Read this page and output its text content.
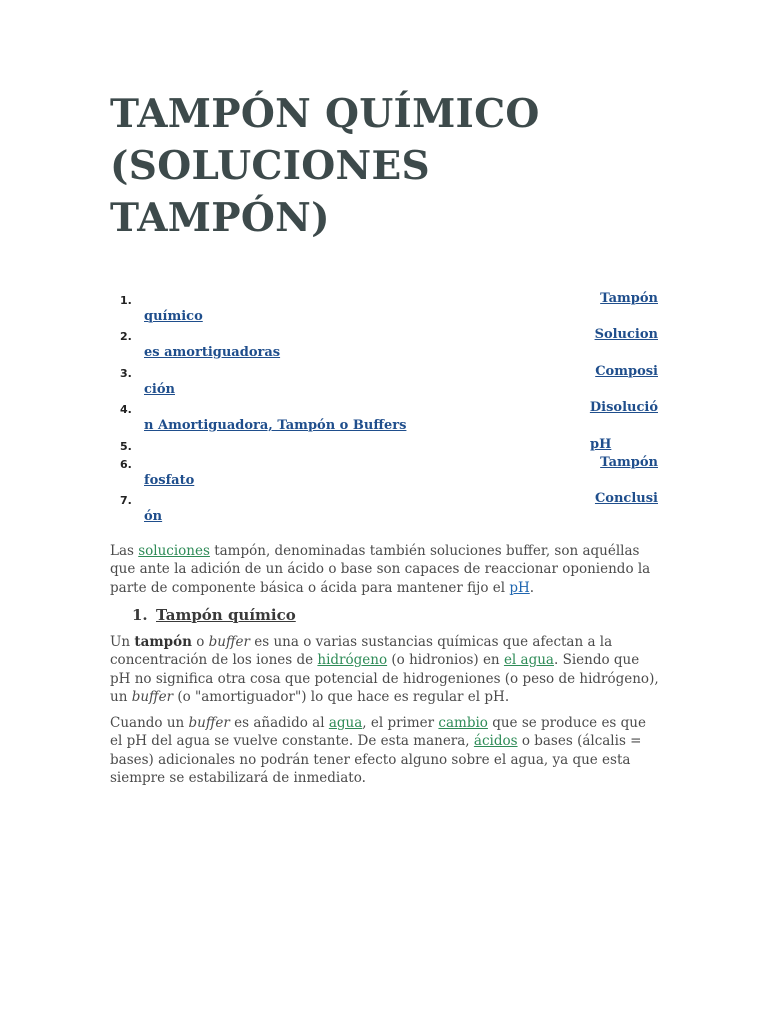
TAMPÓN QUÍMICO
(SOLUCIONES
TAMPÓN)
1.	Tampón
químico
2.	Solucion
es amortiguadoras
3.	Composi
ción
4.	Disolució
n Amortiguadora, Tampón o Buffers
5.	pH
6.	Tampón
fosfato
7.	Conclusi
ón

Las soluciones tampón, denominadas también soluciones buffer, son aquéllas que ante la adición de un ácido o base son capaces de reaccionar oponiendo la parte de componente básica o ácida para mantener fijo el pH.

1. Tampón químico

Un tampón o buffer es una o varias sustancias químicas que afectan a la concentración de los iones de hidrógeno (o hidronios) en el agua. Siendo que pH no significa otra cosa que potencial de hidrogeniones (o peso de hidrógeno), un buffer (o "amortiguador") lo que hace es regular el pH.

Cuando un buffer es añadido al agua, el primer cambio que se produce es que el pH del agua se vuelve constante. De esta manera, ácidos o bases (álcalis = bases) adicionales no podrán tener efecto alguno sobre el agua, ya que esta siempre se estabilizará de inmediato.
